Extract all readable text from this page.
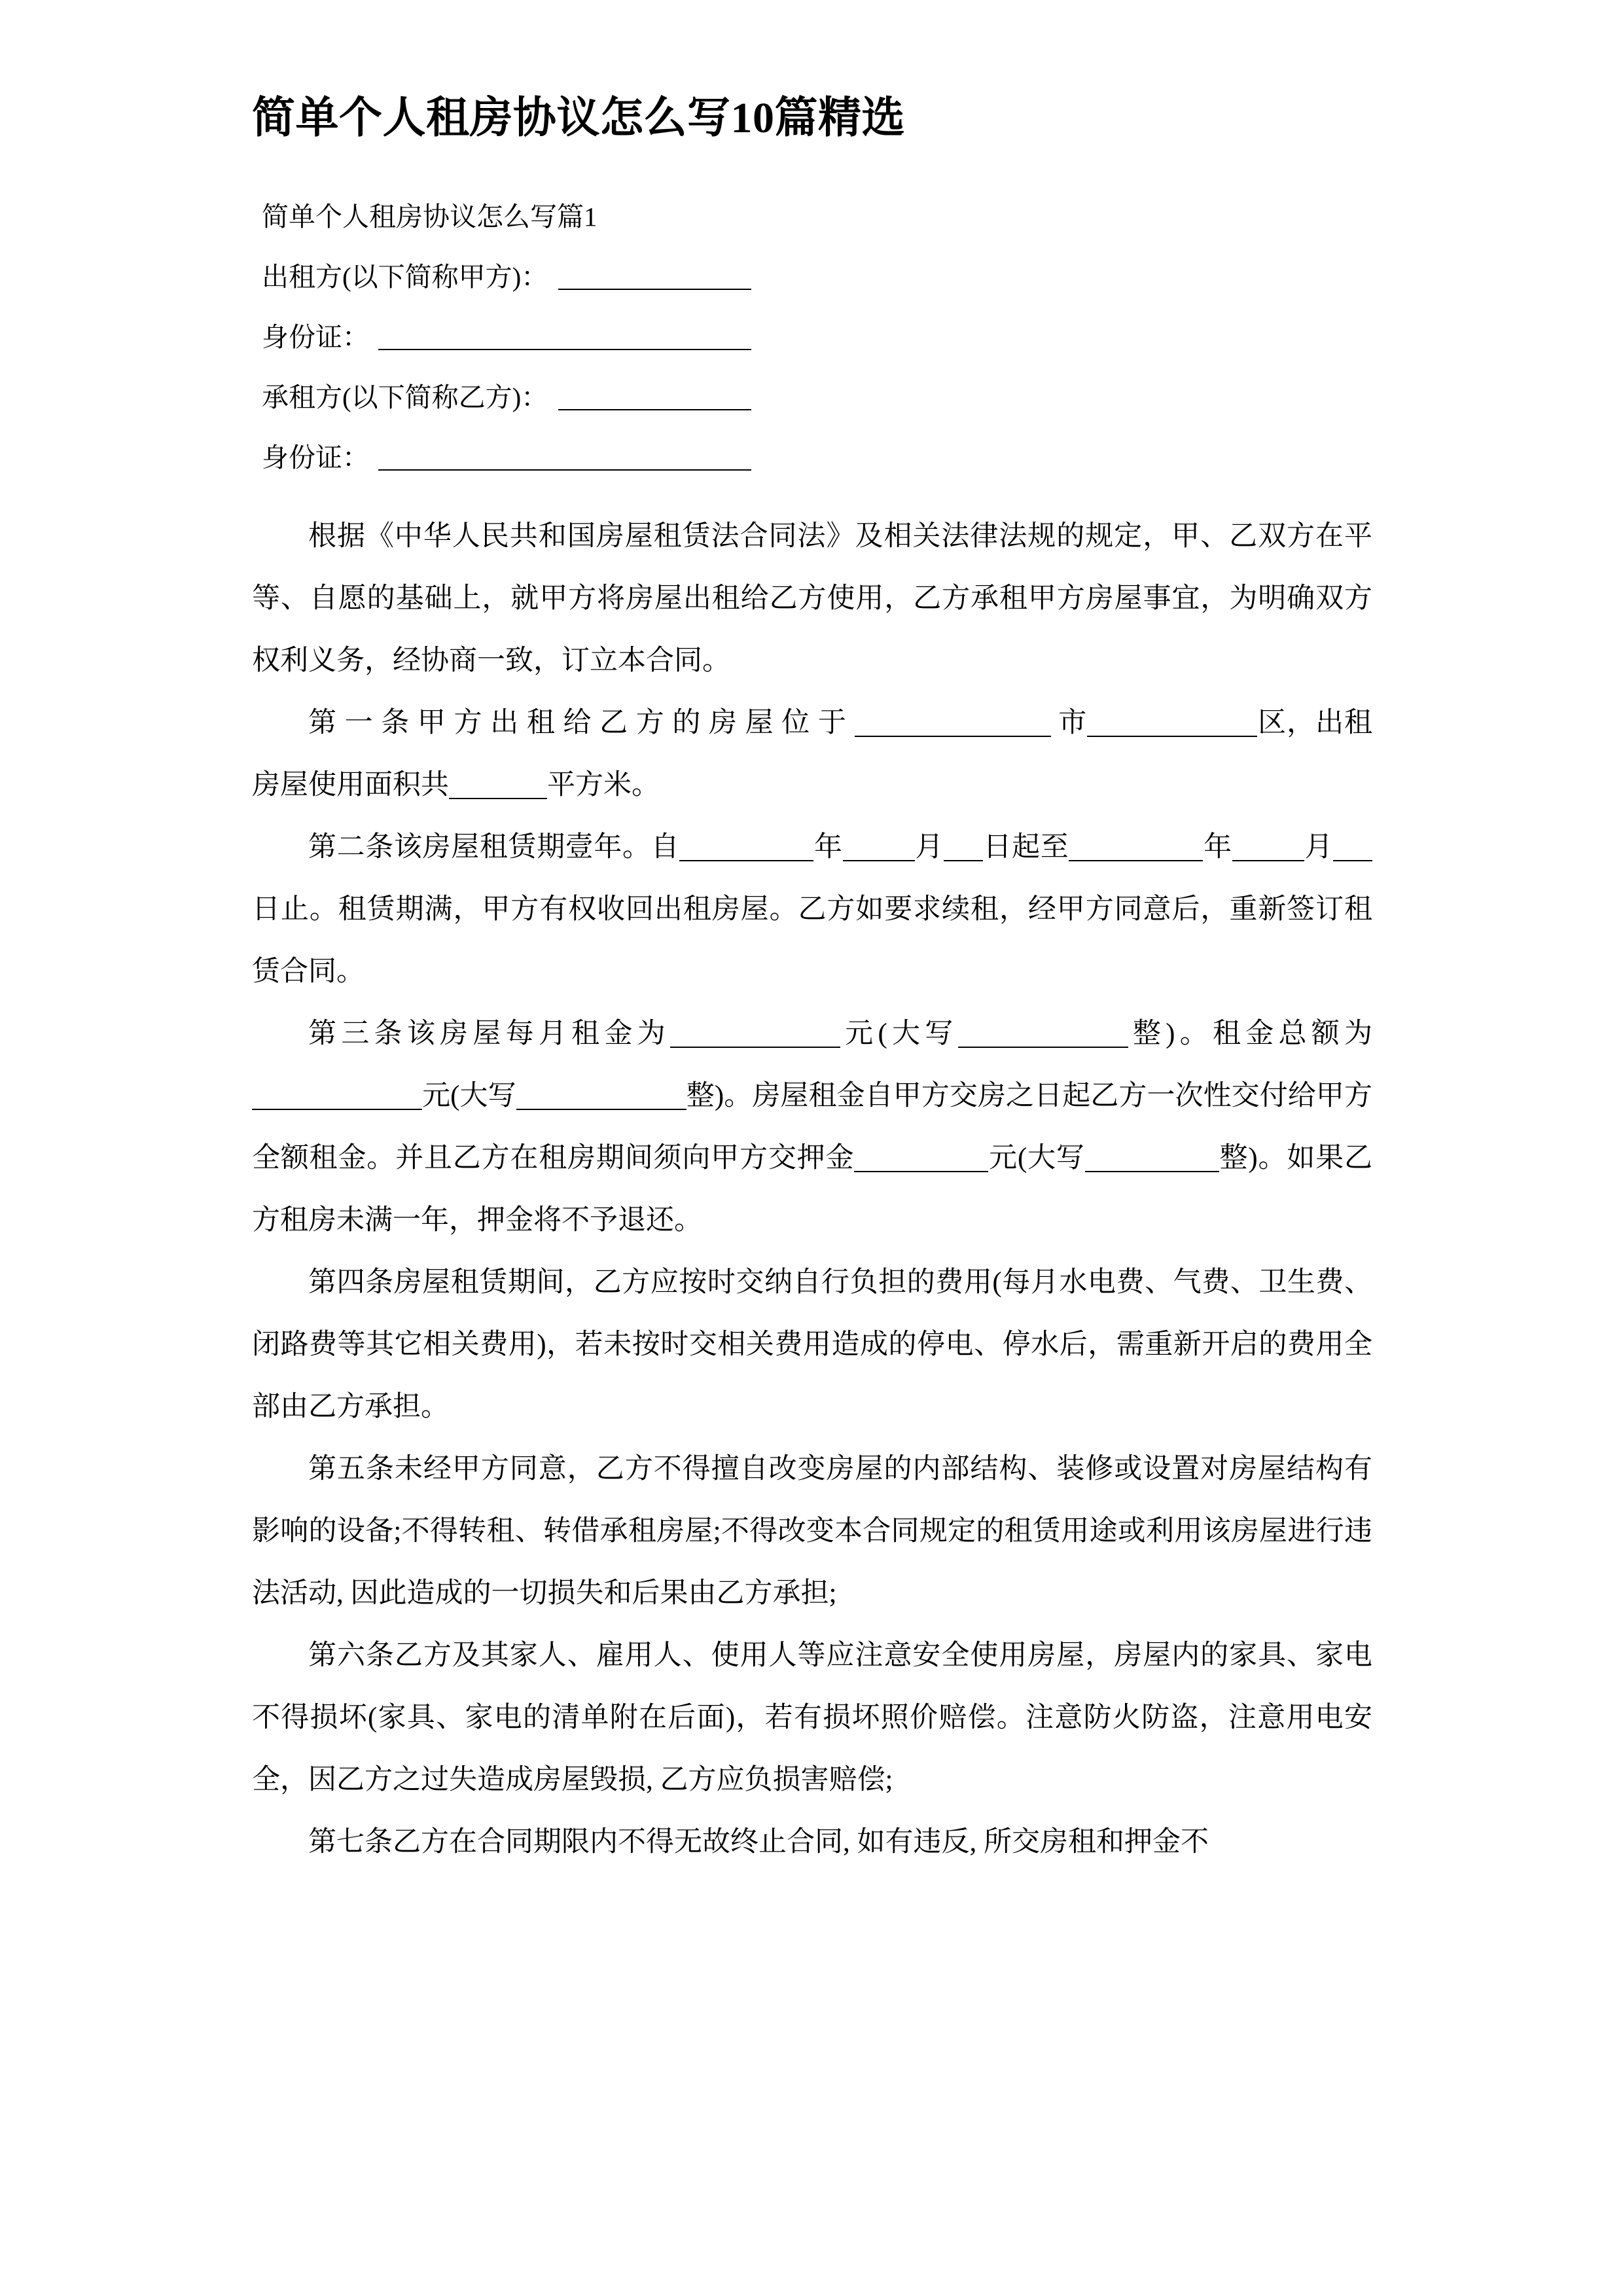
简单个人租房协议怎么写10篇精选
简单个人租房协议怎么写篇1
出租方(以下简称甲方)：
身份证：
承租方(以下简称乙方)：
身份证：

根据《中华人民共和国房屋租赁法合同法》及相关法律法规的规定，甲、乙双方在平等、自愿的基础上，就甲方将房屋出租给乙方使用，乙方承租甲方房屋事宜，为明确双方权利义务，经协商一致，订立本合同。

第 一 条 甲 方 出 租 给 乙 方 的 房 屋 位 于	市	区，出租房屋使用面积共	平方米。

第二条该房屋租赁期壹年。自	年	月 日起至	年	月日止。租赁期满，甲方有权收回出租房屋。乙方如要求续租，经甲方同意后，重新签订租赁合同。

第三条该房屋每月租金为	元(大写	整)。租金总额为元(大写	整)。房屋租金自甲方交房之日起乙方一次性交付给甲方全额租金。并且乙方在租房期间须向甲方交押金	元(大写	整)。如果乙方租房未满一年，押金将不予退还。

第四条房屋租赁期间，乙方应按时交纳自行负担的费用(每月水电费、气费、卫生费、闭路费等其它相关费用)，若未按时交相关费用造成的停电、停水后，需重新开启的费用全部由乙方承担。

第五条未经甲方同意，乙方不得擅自改变房屋的内部结构、装修或设置对房屋结构有影响的设备;不得转租、转借承租房屋;不得改变本合同规定的租赁用途或利用该房屋进行违法活动, 因此造成的一切损失和后果由乙方承担;

第六条乙方及其家人、雇用人、使用人等应注意安全使用房屋，房屋内的家具、家电不得损坏(家具、家电的清单附在后面)，若有损坏照价赔偿。注意防火防盗，注意用电安全，因乙方之过失造成房屋毁损, 乙方应负损害赔偿;

第七条乙方在合同期限内不得无故终止合同, 如有违反, 所交房租和押金不
